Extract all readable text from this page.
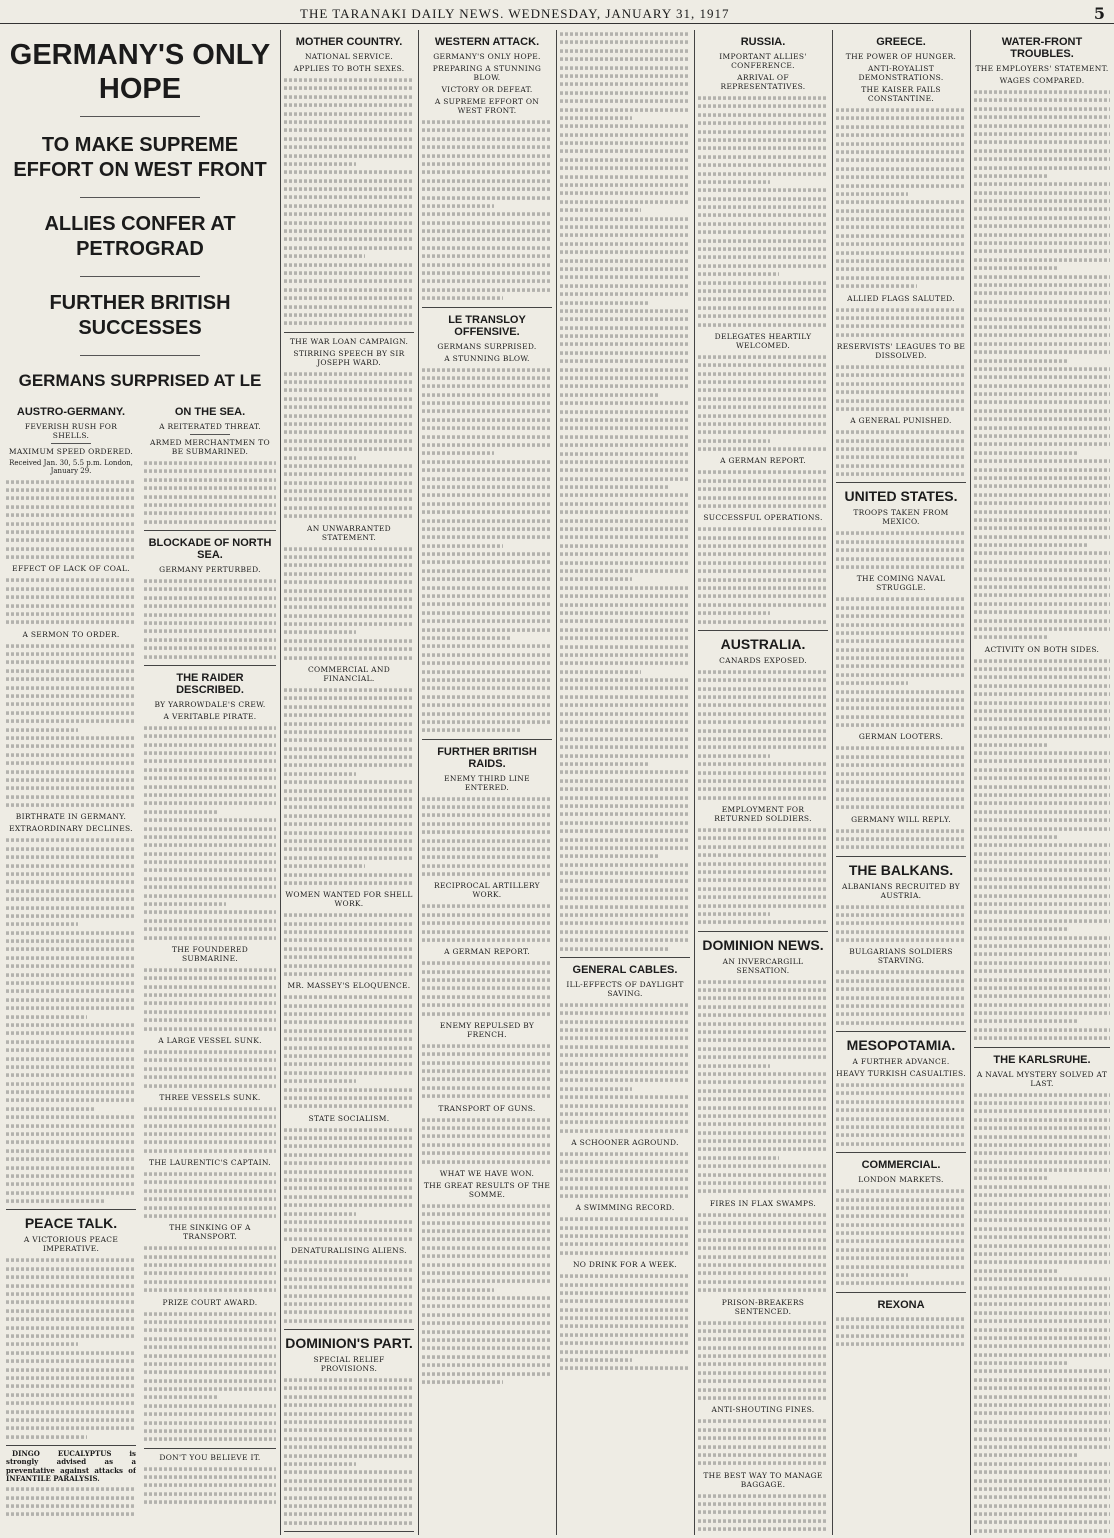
THE TARANAKI DAILY NEWS. WEDNESDAY, JANUARY 31, 1917	5
GERMANY'S ONLY HOPE
TO MAKE SUPREME EFFORT ON WEST FRONT
ALLIES CONFER AT PETROGRAD
FURTHER BRITISH SUCCESSES
GERMANS SURPRISED AT LE
AUSTRO-GERMANY.
FEVERISH RUSH FOR SHELLS.
MAXIMUM SPEED ORDERED.
Received Jan. 30, 5.5 p.m. London, January 29.
EFFECT OF LACK OF COAL.
A SERMON TO ORDER.
BIRTHRATE IN GERMANY.
EXTRAORDINARY DECLINES.
PEACE TALK.
A VICTORIOUS PEACE IMPERATIVE.
DINGO EUCALYPTUS is strongly advised as a preventative against attacks of INFANTILE PARALYSIS.
ON THE SEA.
A REITERATED THREAT.
ARMED MERCHANTMEN TO BE SUBMARINED.
BLOCKADE OF NORTH SEA.
GERMANY PERTURBED.
THE RAIDER DESCRIBED.
BY YARROWDALE'S CREW.
A VERITABLE PIRATE.
THE FOUNDERED SUBMARINE.
A LARGE VESSEL SUNK.
THREE VESSELS SUNK.
THE LAURENTIC'S CAPTAIN.
THE SINKING OF A TRANSPORT.
PRIZE COURT AWARD.
DON'T YOU BELIEVE IT.
MOTHER COUNTRY.
NATIONAL SERVICE.
APPLIES TO BOTH SEXES.
THE WAR LOAN CAMPAIGN.
STIRRING SPEECH BY SIR JOSEPH WARD.
AN UNWARRANTED STATEMENT.
COMMERCIAL AND FINANCIAL.
WOMEN WANTED FOR SHELL WORK.
MR. MASSEY'S ELOQUENCE.
STATE SOCIALISM.
DENATURALISING ALIENS.
DOMINION'S PART.
SPECIAL RELIEF PROVISIONS.
WESTERN ATTACK.
GERMANY'S ONLY HOPE.
PREPARING A STUNNING BLOW.
VICTORY OR DEFEAT.
A SUPREME EFFORT ON WEST FRONT.
LE TRANSLOY OFFENSIVE.
GERMANS SURPRISED.
A STUNNING BLOW.
FURTHER BRITISH RAIDS.
ENEMY THIRD LINE ENTERED.
RECIPROCAL ARTILLERY WORK.
A GERMAN REPORT.
ENEMY REPULSED BY FRENCH.
TRANSPORT OF GUNS.
WHAT WE HAVE WON.
THE GREAT RESULTS OF THE SOMME.
GENERAL CABLES.
ILL-EFFECTS OF DAYLIGHT SAVING.
A SCHOONER AGROUND.
A SWIMMING RECORD.
NO DRINK FOR A WEEK.
RUSSIA.
IMPORTANT ALLIES' CONFERENCE.
ARRIVAL OF REPRESENTATIVES.
DELEGATES HEARTILY WELCOMED.
A GERMAN REPORT.
SUCCESSFUL OPERATIONS.
AUSTRALIA.
CANARDS EXPOSED.
EMPLOYMENT FOR RETURNED SOLDIERS.
DOMINION NEWS.
AN INVERCARGILL SENSATION.
FIRES IN FLAX SWAMPS.
PRISON-BREAKERS SENTENCED.
ANTI-SHOUTING FINES.
THE BEST WAY TO MANAGE BAGGAGE.
GREECE.
THE POWER OF HUNGER.
ANTI-ROYALIST DEMONSTRATIONS.
THE KAISER FAILS CONSTANTINE.
ALLIED FLAGS SALUTED.
RESERVISTS' LEAGUES TO BE DISSOLVED.
A GENERAL PUNISHED.
UNITED STATES.
TROOPS TAKEN FROM MEXICO.
THE COMING NAVAL STRUGGLE.
GERMAN LOOTERS.
GERMANY WILL REPLY.
THE BALKANS.
ALBANIANS RECRUITED BY AUSTRIA.
BULGARIANS SOLDIERS STARVING.
MESOPOTAMIA.
A FURTHER ADVANCE.
HEAVY TURKISH CASUALTIES.
COMMERCIAL.
LONDON MARKETS.
REXONA
WATER-FRONT TROUBLES.
THE EMPLOYERS' STATEMENT.
WAGES COMPARED.
ACTIVITY ON BOTH SIDES.
THE KARLSRUHE.
A NAVAL MYSTERY SOLVED AT LAST.
